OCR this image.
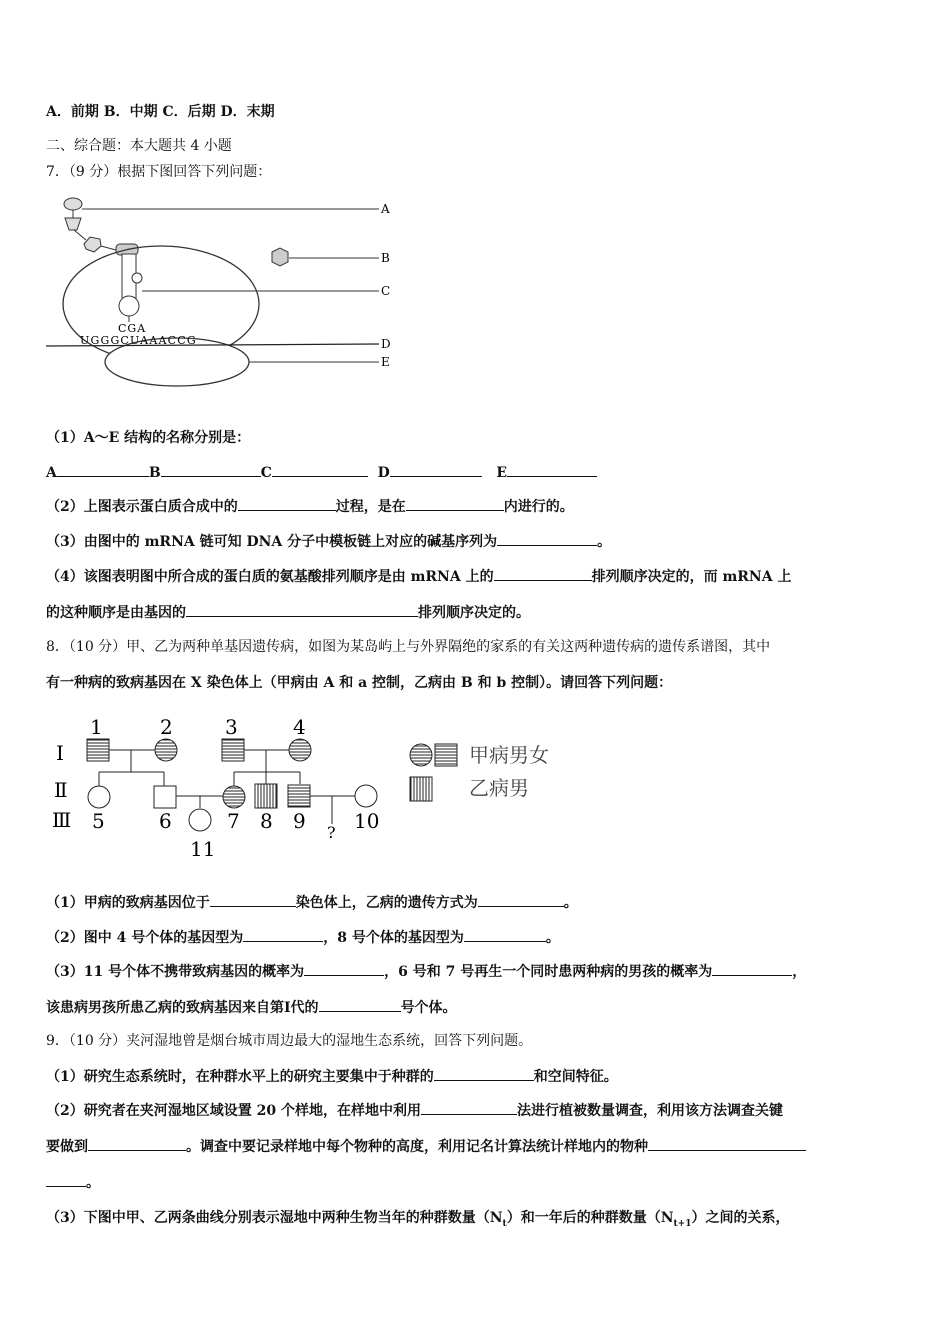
A．前期 B．中期 C．后期 D．末期
二、综合题：本大题共 4 小题
7．（9 分）根据下图回答下列问题：
CGA
UGGGCUAAACCG
A
B
C
D
E
（1）A～E 结构的名称分别是：
A	B	C	D	E
（2）上图表示蛋白质合成中的	过程，是在	内进行的。
（3）由图中的 mRNA 链可知 DNA 分子中模板链上对应的碱基序列为	。
（4）该图表明图中所合成的蛋白质的氨基酸排列顺序是由 mRNA 上的	排列顺序决定的，而 mRNA 上
的这种顺序是由基因的	排列顺序决定的。
8．（10 分）甲、乙为两种单基因遗传病，如图为某岛屿上与外界隔绝的家系的有关这两种遗传病的遗传系谱图，其中
有一种病的致病基因在 X 染色体上（甲病由 A 和 a 控制，乙病由 B 和 b 控制）。请回答下列问题：
Ⅰ
Ⅱ
Ⅲ
1	2	3	4
5	6	7 8 9 10
11
?
甲病男女
乙病男
（1）甲病的致病基因位于	染色体上，乙病的遗传方式为	。
（2）图中 4 号个体的基因型为	，8 号个体的基因型为	。
（3）11 号个体不携带致病基因的概率为	，6 号和 7 号再生一个同时患两种病的男孩的概率为	，
该患病男孩所患乙病的致病基因来自第Ⅰ代的	号个体。
9．（10 分）夹河湿地曾是烟台城市周边最大的湿地生态系统，回答下列问题。
（1）研究生态系统时，在种群水平上的研究主要集中于种群的	和空间特征。
（2）研究者在夹河湿地区域设置 20 个样地，在样地中利用	法进行植被数量调查，利用该方法调查关键
要做到	。调查中要记录样地中每个物种的高度，利用记名计算法统计样地内的物种
。
（3）下图中甲、乙两条曲线分别表示湿地中两种生物当年的种群数量$(N_t)$和一年后的种群数量$(N_{t+1})$之间的关系，
